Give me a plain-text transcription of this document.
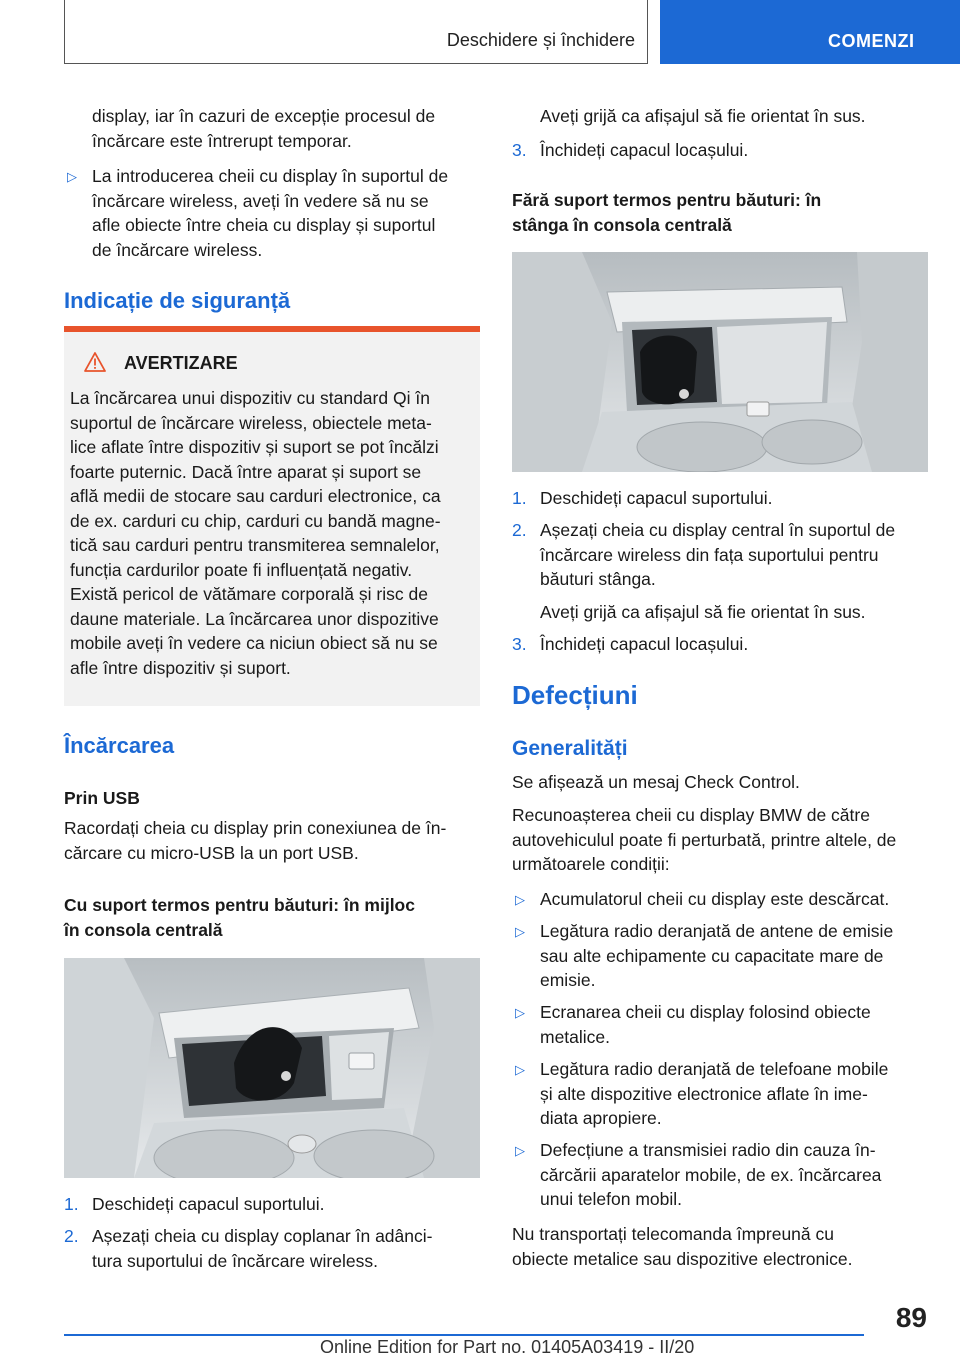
Deschidere și închidere	COMENZI
display, iar în cazuri de excepție procesul de
încărcare este întrerupt temporar.
▷ La introducerea cheii cu display în suportul de
încărcare wireless, aveți în vedere să nu se
afle obiecte între cheia cu display și suportul
de încărcare wireless.
Indicație de siguranță
AVERTIZARE
La încărcarea unui dispozitiv cu standard Qi în
suportul de încărcare wireless, obiectele meta-
lice aflate între dispozitiv și suport se pot încălzi
foarte puternic. Dacă între aparat și suport se
află medii de stocare sau carduri electronice, ca
de ex. carduri cu chip, carduri cu bandă magne-
tică sau carduri pentru transmiterea semnalelor,
funcția cardurilor poate fi influențată negativ.
Există pericol de vătămare corporală și risc de
daune materiale. La încărcarea unor dispozitive
mobile aveți în vedere ca niciun obiect să nu se
afle între dispozitiv și suport.
Încărcarea
Prin USB
Racordați cheia cu display prin conexiunea de în-
cărcare cu micro-USB la un port USB.
Cu suport termos pentru băuturi: în mijloc
în consola centrală
1. Deschideți capacul suportului.
2. Așezați cheia cu display coplanar în adânci-
tura suportului de încărcare wireless.
Aveți grijă ca afișajul să fie orientat în sus.
3. Închideți capacul locașului.
Fără suport termos pentru băuturi: în
stânga în consola centrală
1. Deschideți capacul suportului.
2. Așezați cheia cu display central în suportul de
încărcare wireless din fața suportului pentru
băuturi stânga.
Aveți grijă ca afișajul să fie orientat în sus.
3. Închideți capacul locașului.
Defecțiuni
Generalități
Se afișează un mesaj Check Control.
Recunoașterea cheii cu display BMW de către
autovehiculul poate fi perturbată, printre altele, de
următoarele condiții:
▷ Acumulatorul cheii cu display este descărcat.
▷ Legătura radio deranjată de antene de emisie
sau alte echipamente cu capacitate mare de
emisie.
▷ Ecranarea cheii cu display folosind obiecte
metalice.
▷ Legătura radio deranjată de telefoane mobile
și alte dispozitive electronice aflate în ime-
diata apropiere.
▷ Defecțiune a transmisiei radio din cauza în-
cărcării aparatelor mobile, de ex. încărcarea
unui telefon mobil.
Nu transportați telecomanda împreună cu
obiecte metalice sau dispozitive electronice.
89
Online Edition for Part no. 01405A03419 - II/20
